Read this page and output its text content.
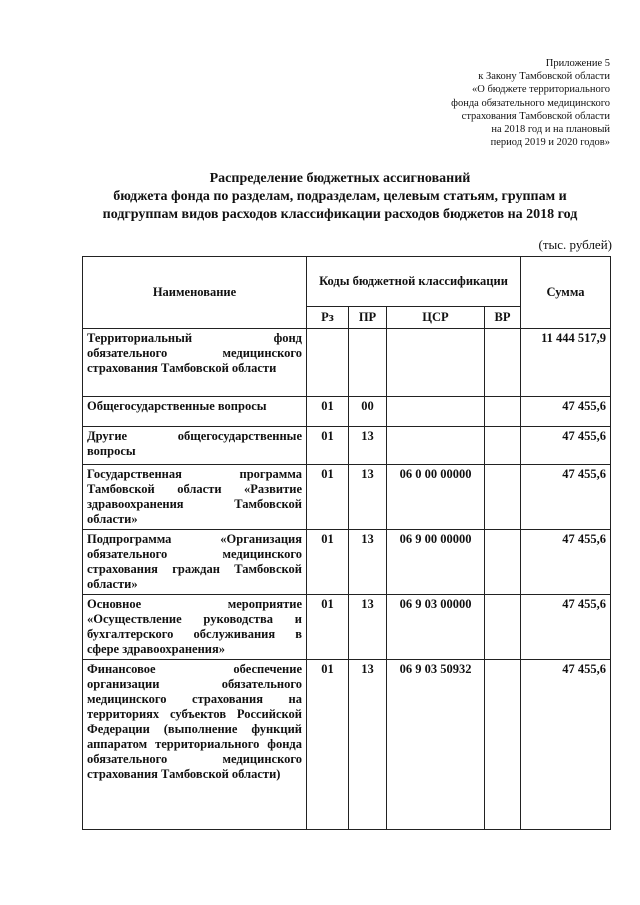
Приложение 5
к Закону Тамбовской области
«О бюджете территориального
фонда обязательного медицинского
страхования Тамбовской области
на 2018 год и на плановый
период 2019 и 2020 годов»
Распределение бюджетных ассигнований
бюджета фонда по разделам, подразделам, целевым статьям, группам и
подгруппам видов расходов классификации расходов бюджетов на 2018 год
(тыс. рублей)
Наименование	Коды бюджетной классификации				Сумма
	Рз	ПР	ЦСР	ВР	
Территориальный фонд обязательного медицинского страхования Тамбовской области					11 444 517,9
Общегосударственные вопросы	01	00			47 455,6
Другие общегосударственные вопросы	01	13			47 455,6
Государственная программа Тамбовской области «Развитие здравоохранения Тамбовской области»	01	13	06 0 00 00000		47 455,6
Подпрограмма «Организация обязательного медицинского страхования граждан Тамбовской области»	01	13	06 9 00 00000		47 455,6
Основное мероприятие «Осуществление руководства и бухгалтерского обслуживания в сфере здравоохранения»	01	13	06 9 03 00000		47 455,6
Финансовое обеспечение организации обязательного медицинского страхования на территориях субъектов Российской Федерации (выполнение функций аппаратом территориального фонда обязательного медицинского страхования Тамбовской области)	01	13	06 9 03 50932		47 455,6
